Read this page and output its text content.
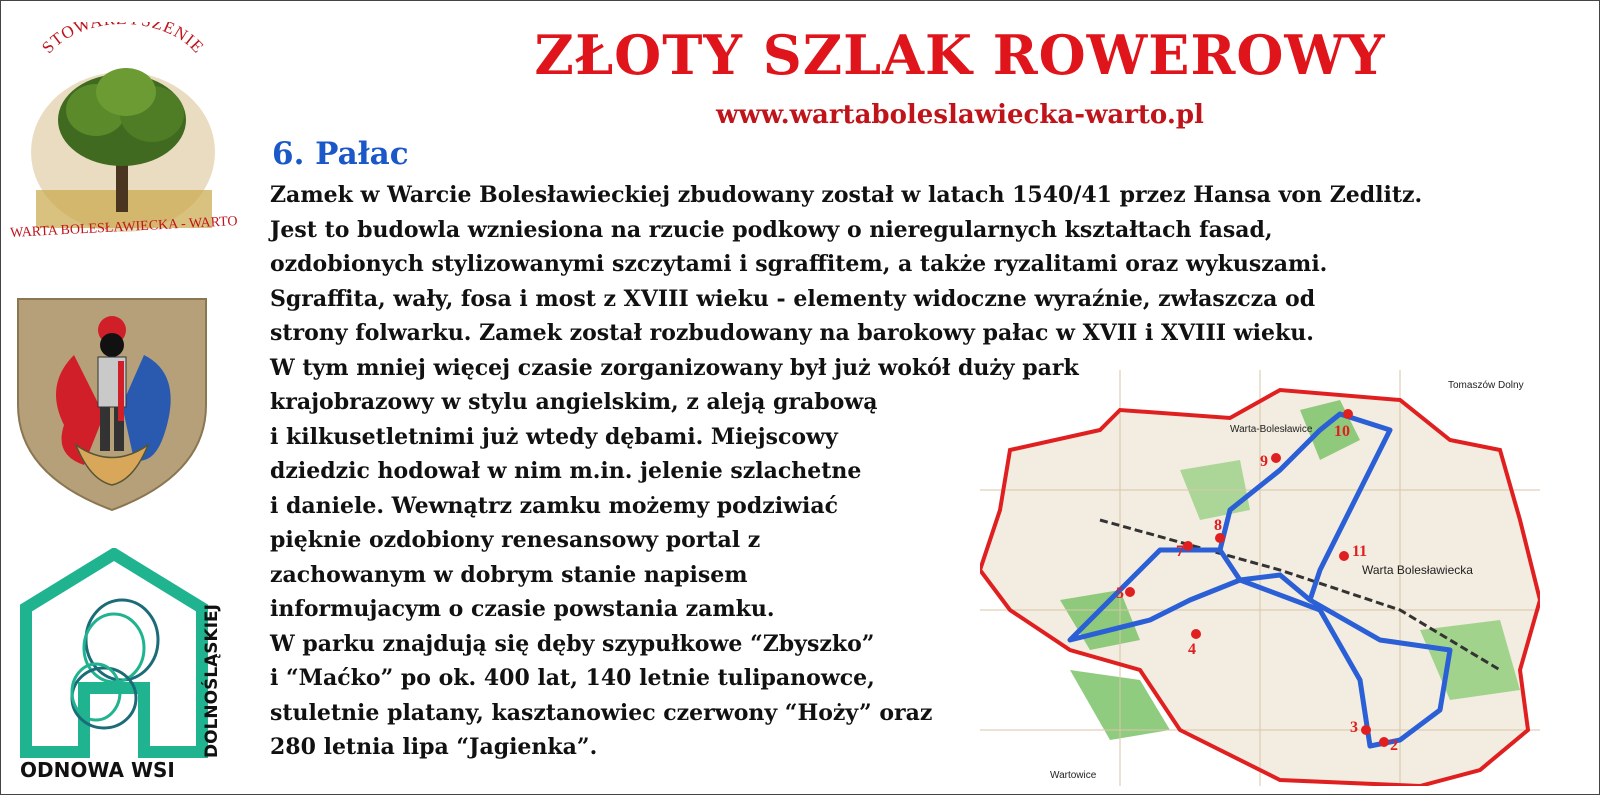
STOW ZENIE
WARTA BOLESŁAWIECKA - WARTO
ODNOWA WSI
DOLNOŚLĄSKIEJ
ZŁOTY SZLAK ROWEROWY
www.wartaboleslawiecka-warto.pl
6. Pałac
Zamek w Warcie Bolesławieckiej zbudowany został w latach 1540/41 przez Hansa von Zedlitz.
Jest to budowla wzniesiona na rzucie podkowy o nieregularnych kształtach fasad,
ozdobionych stylizowanymi szczytami i sgraffitem, a także ryzalitami oraz wykuszami.
Sgraffita, wały, fosa i most z XVIII wieku - elementy widoczne wyraźnie, zwłaszcza od
strony folwarku. Zamek został rozbudowany na barokowy pałac w XVII i XVIII wieku.
W tym mniej więcej czasie zorganizowany był już wokół duży park
krajobrazowy w stylu angielskim, z aleją grabową
i kilkusetletnimi już wtedy dębami. Miejscowy
dziedzic hodował w nim m.in. jelenie szlachetne
i daniele. Wewnątrz zamku możemy podziwiać
pięknie ozdobiony renesansowy portal z
zachowanym w dobrym stanie napisem
informujacym o czasie powstania zamku.
W parku znajdują się dęby szypułkowe “Zbyszko”
i “Maćko” po ok. 400 lat, 140 letnie tulipanowce,
stuletnie platany, kasztanowiec czerwony “Hoży” oraz
280 letnia lipa “Jagienka”.
10
9
8
7	11
5
4
3
2
Warta Bolesławiecka
Warta-Bolesławice
Tomaszów Dolny
Wartowice
